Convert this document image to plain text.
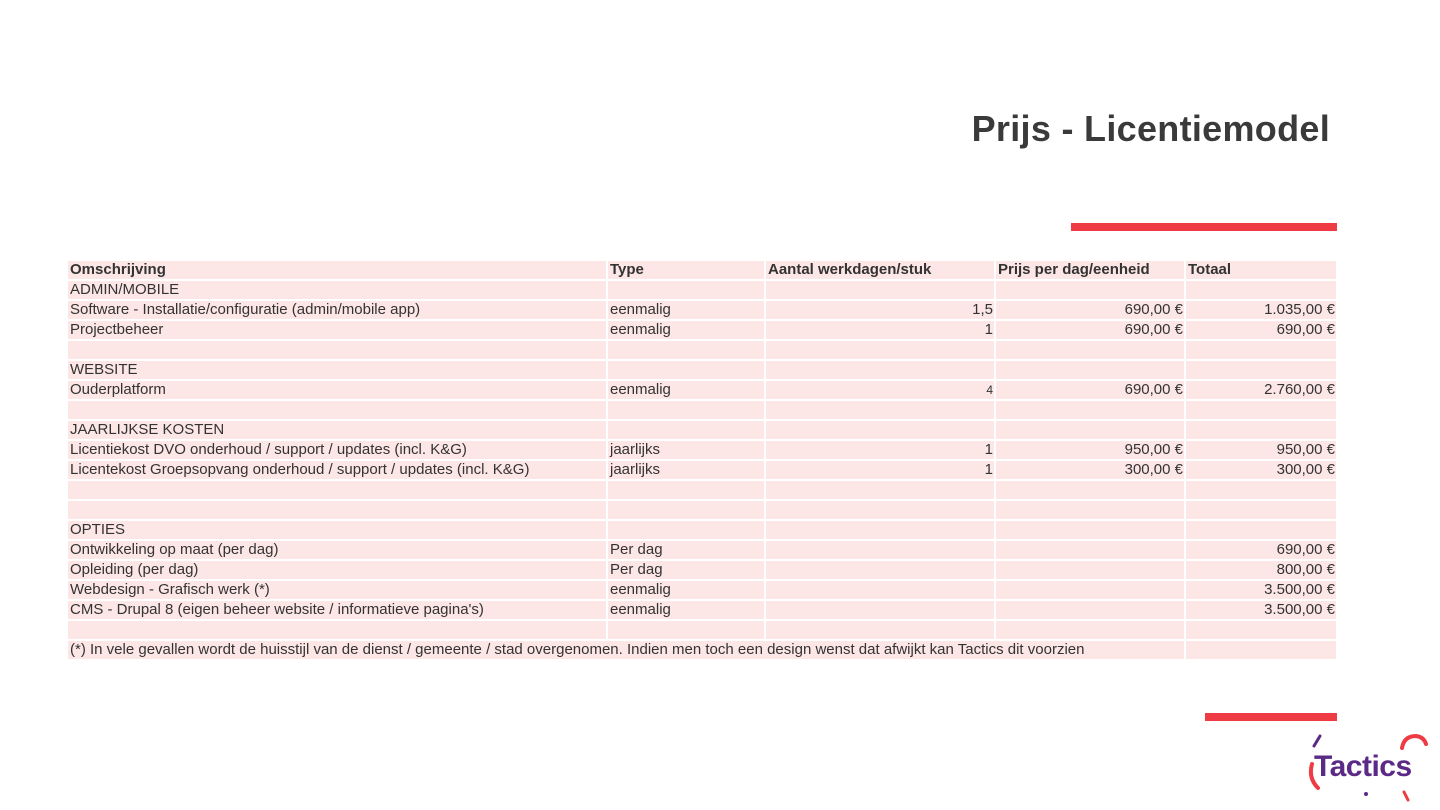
Prijs - Licentiemodel
Omschrijving	Type	Aantal werkdagen/stuk	Prijs per dag/eenheid	Totaal
ADMIN/MOBILE				
Software - Installatie/configuratie (admin/mobile app)	eenmalig	1,5	690,00 €	1.035,00 €
Projectbeheer	eenmalig	1	690,00 €	690,00 €

WEBSITE				
Ouderplatform	eenmalig	4	690,00 €	2.760,00 €

JAARLIJKSE KOSTEN				
Licentiekost DVO onderhoud / support / updates (incl. K&G)	jaarlijks	1	950,00 €	950,00 €
Licentekost Groepsopvang onderhoud / support / updates (incl. K&G)	jaarlijks	1	300,00 €	300,00 €

OPTIES				
Ontwikkeling op maat (per dag)	Per dag			690,00 €
Opleiding (per dag)	Per dag			800,00 €
Webdesign - Grafisch werk (*)	eenmalig			3.500,00 €
CMS - Drupal 8 (eigen beheer website / informatieve pagina's)	eenmalig			3.500,00 €

(*) In vele gevallen wordt de huisstijl van de dienst / gemeente / stad overgenomen. Indien men toch een design wenst dat afwijkt kan Tactics dit voorzien				
Tactics
